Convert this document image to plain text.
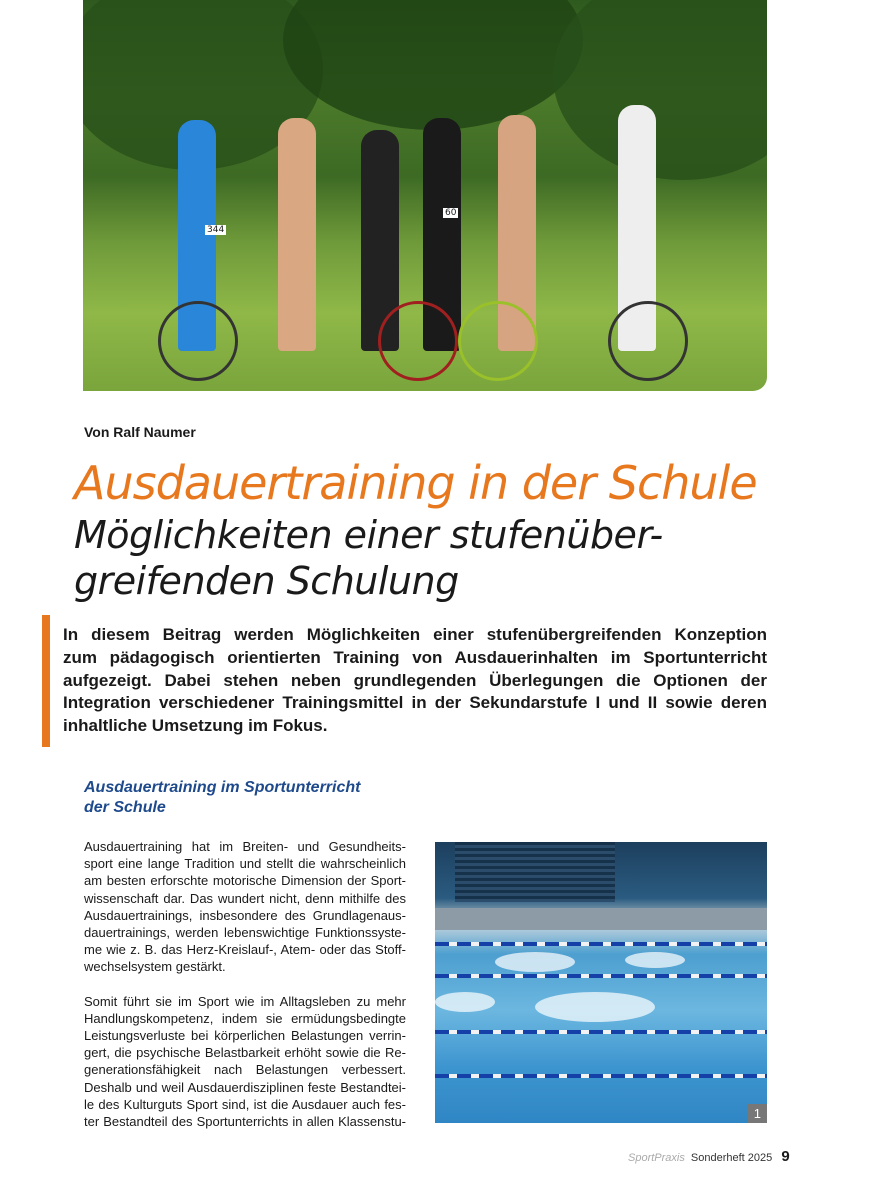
344
60
Von Ralf Naumer
Ausdauertraining in der Schule
Möglichkeiten einer stufenüber-
greifenden Schulung
In diesem Beitrag werden Möglichkeiten einer stufenübergreifenden Konzeption
zum pädagogisch orientierten Training von Ausdauerinhalten im Sportunterricht
aufgezeigt. Dabei stehen neben grundlegenden Überlegungen die Optionen der
Integration verschiedener Trainingsmittel in der Sekundarstufe I und II sowie deren
inhaltliche Umsetzung im Fokus.
Ausdauertraining im Sportunterricht
der Schule
Ausdauertraining hat im Breiten- und Gesundheits-
sport eine lange Tradition und stellt die wahrscheinlich
am besten erforschte motorische Dimension der Sport-
wissenschaft dar. Das wundert nicht, denn mithilfe des
Ausdauertrainings, insbesondere des Grundlagenaus-
dauertrainings, werden lebenswichtige Funktionssyste-
me wie z. B. das Herz-Kreislauf-, Atem- oder das Stoff-
wechselsystem gestärkt.
Somit führt sie im Sport wie im Alltagsleben zu mehr
Handlungskompetenz, indem sie ermüdungsbedingte
Leistungsverluste bei körperlichen Belastungen verrin-
gert, die psychische Belastbarkeit erhöht sowie die Re-
generationsfähigkeit nach Belastungen verbessert.
Deshalb und weil Ausdauerdisziplinen feste Bestandtei-
le des Kulturguts Sport sind, ist die Ausdauer auch fes-
ter Bestandteil des Sportunterrichts in allen Klassenstu-
1
SportPraxis Sonderheft 2025 9
